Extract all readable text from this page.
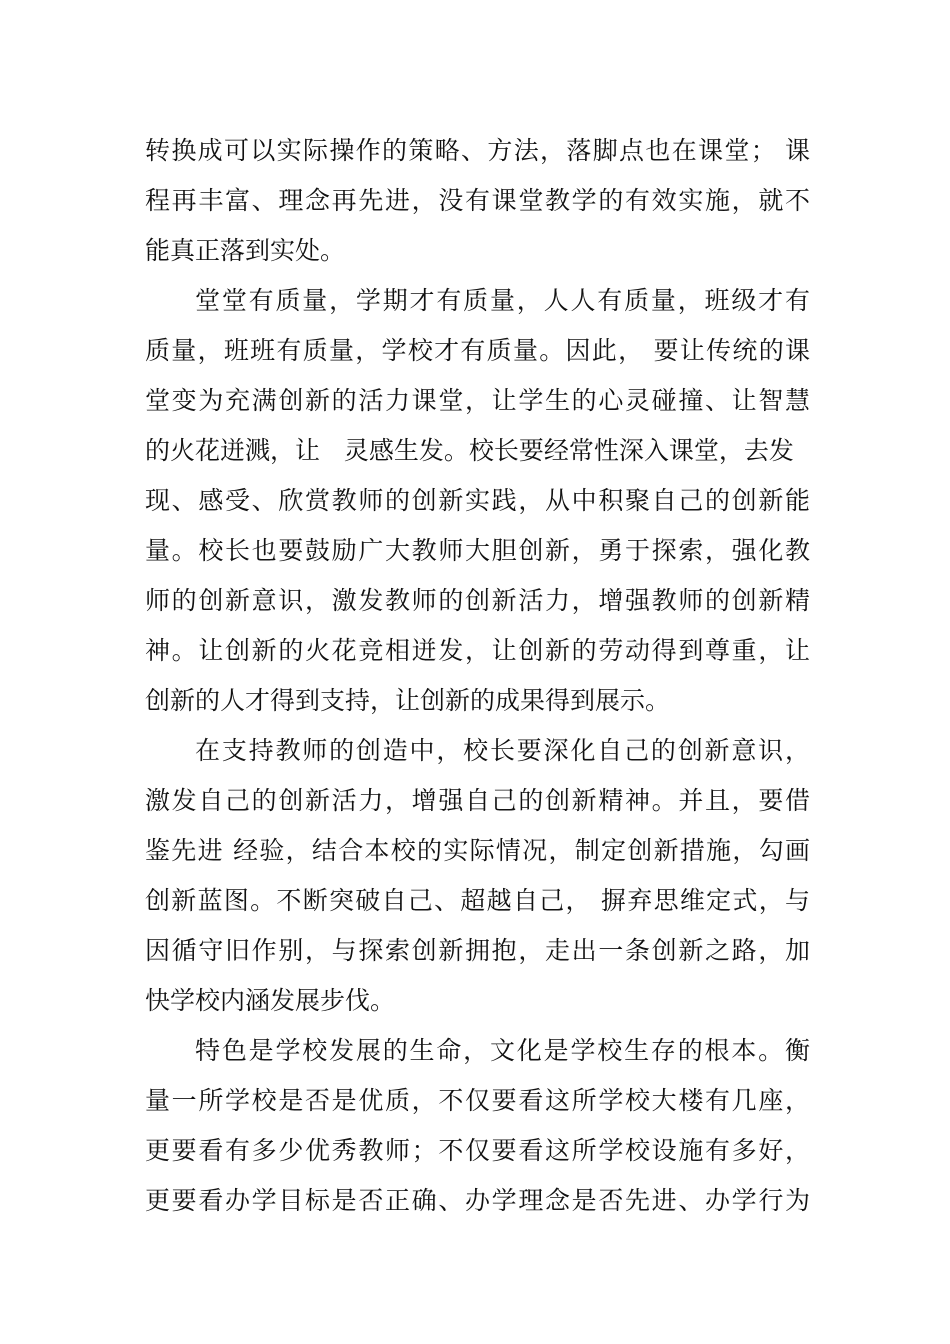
转换成可以实际操作的策略、方法，落脚点也在课堂； 课
程再丰富、理念再先进，没有课堂教学的有效实施，就不
能真正落到实处。
堂堂有质量，学期才有质量，人人有质量，班级才有
质量，班班有质量，学校才有质量。因此， 要让传统的课
堂变为充满创新的活力课堂，让学生的心灵碰撞、让智慧
的火花迸溅，让   灵感生发。校长要经常性深入课堂，去发
现、感受、欣赏教师的创新实践，从中积聚自己的创新能
量。校长也要鼓励广大教师大胆创新，勇于探索，强化教
师的创新意识，激发教师的创新活力，增强教师的创新精
神。让创新的火花竞相迸发，让创新的劳动得到尊重，让
创新的人才得到支持，让创新的成果得到展示。
在支持教师的创造中，校长要深化自己的创新意识，
激发自己的创新活力，增强自己的创新精神。并且，要借
鉴先进 经验，结合本校的实际情况，制定创新措施，勾画
创新蓝图。不断突破自己、超越自己， 摒弃思维定式，与
因循守旧作别，与探索创新拥抱，走出一条创新之路，加
快学校内涵发展步伐。
特色是学校发展的生命，文化是学校生存的根本。衡
量一所学校是否是优质，不仅要看这所学校大楼有几座，
更要看有多少优秀教师；不仅要看这所学校设施有多好，
更要看办学目标是否正确、办学理念是否先进、办学行为
